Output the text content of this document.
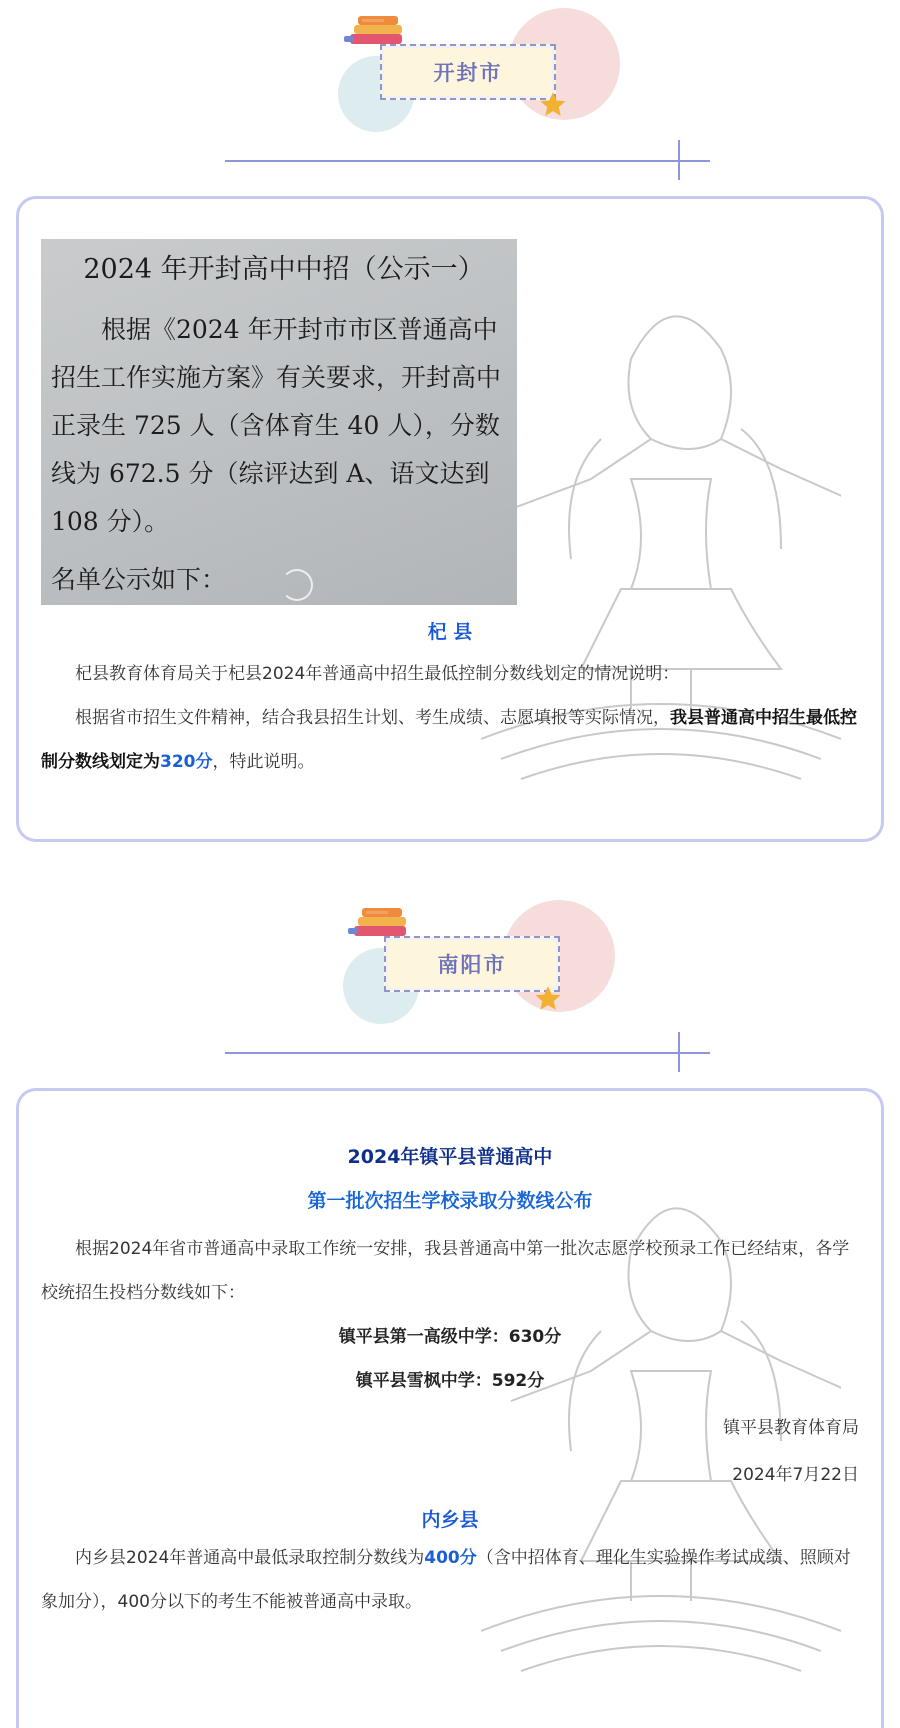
开封市
2024 年开封高中中招（公示一）

根据《2024 年开封市市区普通高中招生工作实施方案》有关要求，开封高中正录生 725 人（含体育生 40 人），分数线为 672.5 分（综评达到 A、语文达到 108 分）。

名单公示如下：
杞 县

杞县教育体育局关于杞县2024年普通高中招生最低控制分数线划定的情况说明：

根据省市招生文件精神，结合我县招生计划、考生成绩、志愿填报等实际情况，我县普通高中招生最低控制分数线划定为320分，特此说明。

南阳市

2024年镇平县普通高中

第一批次招生学校录取分数线公布

根据2024年省市普通高中录取工作统一安排，我县普通高中第一批次志愿学校预录工作已经结束，各学校统招生投档分数线如下：

镇平县第一高级中学：630分

镇平县雪枫中学：592分

镇平县教育体育局

2024年7月22日

内乡县

内乡县2024年普通高中最低录取控制分数线为400分（含中招体育、理化生实验操作考试成绩、照顾对象加分），400分以下的考生不能被普通高中录取。
